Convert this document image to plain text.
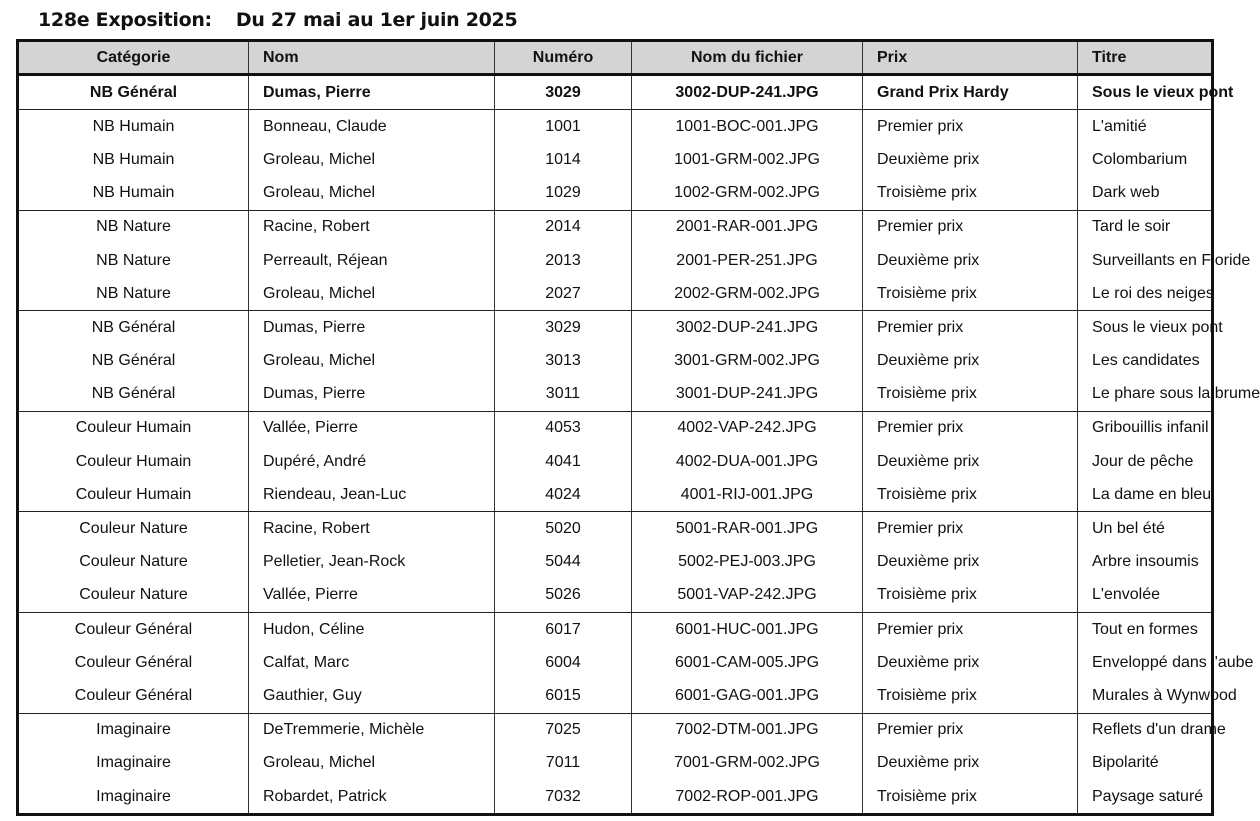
128e Exposition: Du 27 mai au 1er juin 2025
Catégorie	Nom	Numéro	Nom du fichier	Prix	Titre
NB Général	Dumas, Pierre	3029	3002-DUP-241.JPG	Grand Prix Hardy	Sous le vieux pont
NB Humain	Bonneau, Claude	1001	1001-BOC-001.JPG	Premier prix	L'amitié
NB Humain	Groleau, Michel	1014	1001-GRM-002.JPG	Deuxième prix	Colombarium
NB Humain	Groleau, Michel	1029	1002-GRM-002.JPG	Troisième prix	Dark web
NB Nature	Racine, Robert	2014	2001-RAR-001.JPG	Premier prix	Tard le soir
NB Nature	Perreault, Réjean	2013	2001-PER-251.JPG	Deuxième prix	Surveillants en Floride
NB Nature	Groleau, Michel	2027	2002-GRM-002.JPG	Troisième prix	Le roi des neiges
NB Général	Dumas, Pierre	3029	3002-DUP-241.JPG	Premier prix	Sous le vieux pont
NB Général	Groleau, Michel	3013	3001-GRM-002.JPG	Deuxième prix	Les candidates
NB Général	Dumas, Pierre	3011	3001-DUP-241.JPG	Troisième prix	Le phare sous la brume
Couleur Humain	Vallée, Pierre	4053	4002-VAP-242.JPG	Premier prix	Gribouillis infanil
Couleur Humain	Dupéré, André	4041	4002-DUA-001.JPG	Deuxième prix	Jour de pêche
Couleur Humain	Riendeau, Jean-Luc	4024	4001-RIJ-001.JPG	Troisième prix	La dame en bleu
Couleur Nature	Racine, Robert	5020	5001-RAR-001.JPG	Premier prix	Un bel été
Couleur Nature	Pelletier, Jean-Rock	5044	5002-PEJ-003.JPG	Deuxième prix	Arbre insoumis
Couleur Nature	Vallée, Pierre	5026	5001-VAP-242.JPG	Troisième prix	L'envolée
Couleur Général	Hudon, Céline	6017	6001-HUC-001.JPG	Premier prix	Tout en formes
Couleur Général	Calfat, Marc	6004	6001-CAM-005.JPG	Deuxième prix	Enveloppé dans l'aube
Couleur Général	Gauthier, Guy	6015	6001-GAG-001.JPG	Troisième prix	Murales à Wynwood
Imaginaire	DeTremmerie, Michèle	7025	7002-DTM-001.JPG	Premier prix	Reflets d'un drame
Imaginaire	Groleau, Michel	7011	7001-GRM-002.JPG	Deuxième prix	Bipolarité
Imaginaire	Robardet, Patrick	7032	7002-ROP-001.JPG	Troisième prix	Paysage saturé
